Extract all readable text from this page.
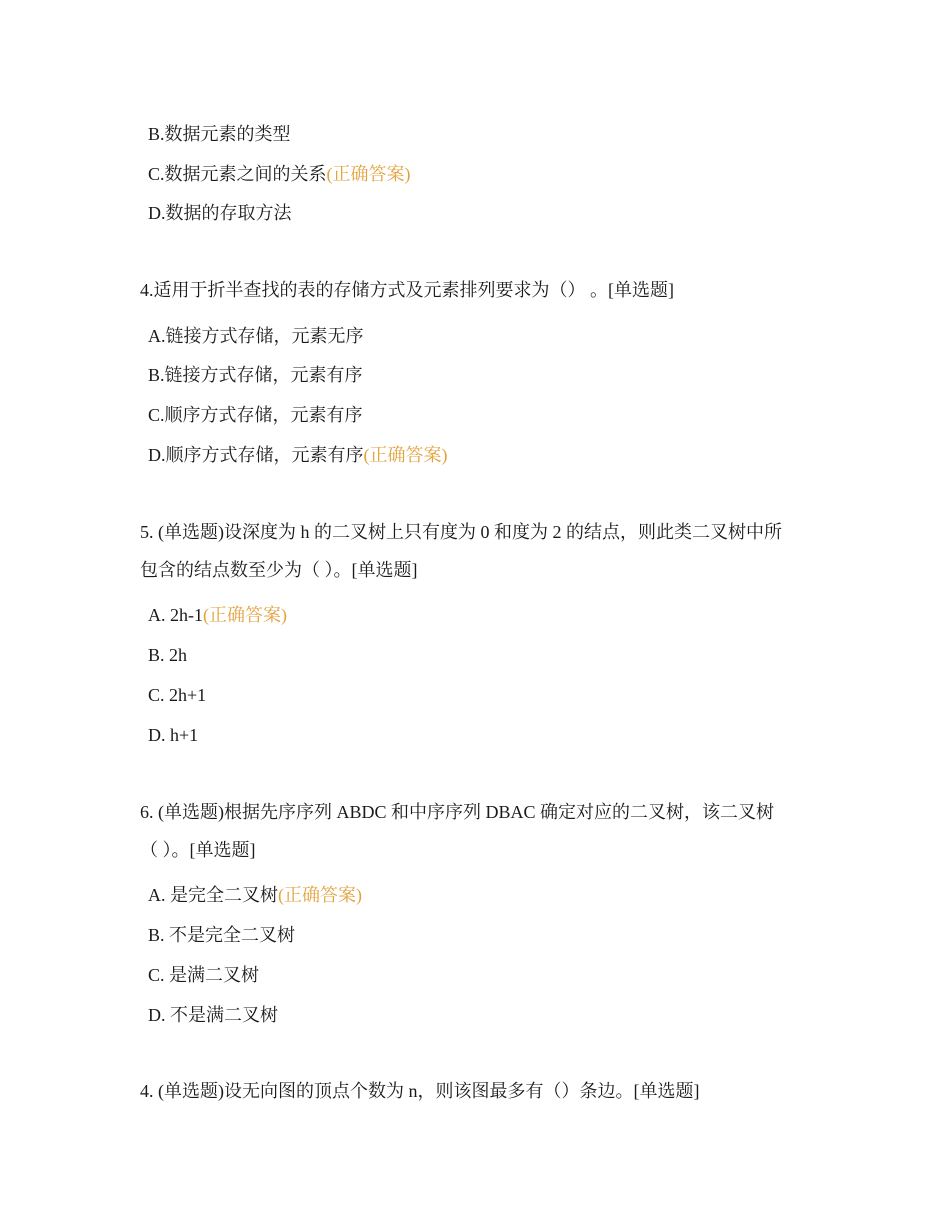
B.数据元素的类型
C.数据元素之间的关系(正确答案)
D.数据的存取方法
4.适用于折半查找的表的存储方式及元素排列要求为（） 。[单选题]
A.链接方式存储，元素无序
B.链接方式存储，元素有序
C.顺序方式存储，元素有序
D.顺序方式存储，元素有序(正确答案)
5. (单选题)设深度为 h 的二叉树上只有度为 0 和度为 2 的结点，则此类二叉树中所
包含的结点数至少为（ ）。[单选题]
A. 2h-1(正确答案)
B. 2h
C. 2h+1
D. h+1
6. (单选题)根据先序序列 ABDC 和中序序列 DBAC 确定对应的二叉树，该二叉树
（ ）。[单选题]
A. 是完全二叉树(正确答案)
B. 不是完全二叉树
C. 是满二叉树
D. 不是满二叉树
4. (单选题)设无向图的顶点个数为 n，则该图最多有（）条边。[单选题]
